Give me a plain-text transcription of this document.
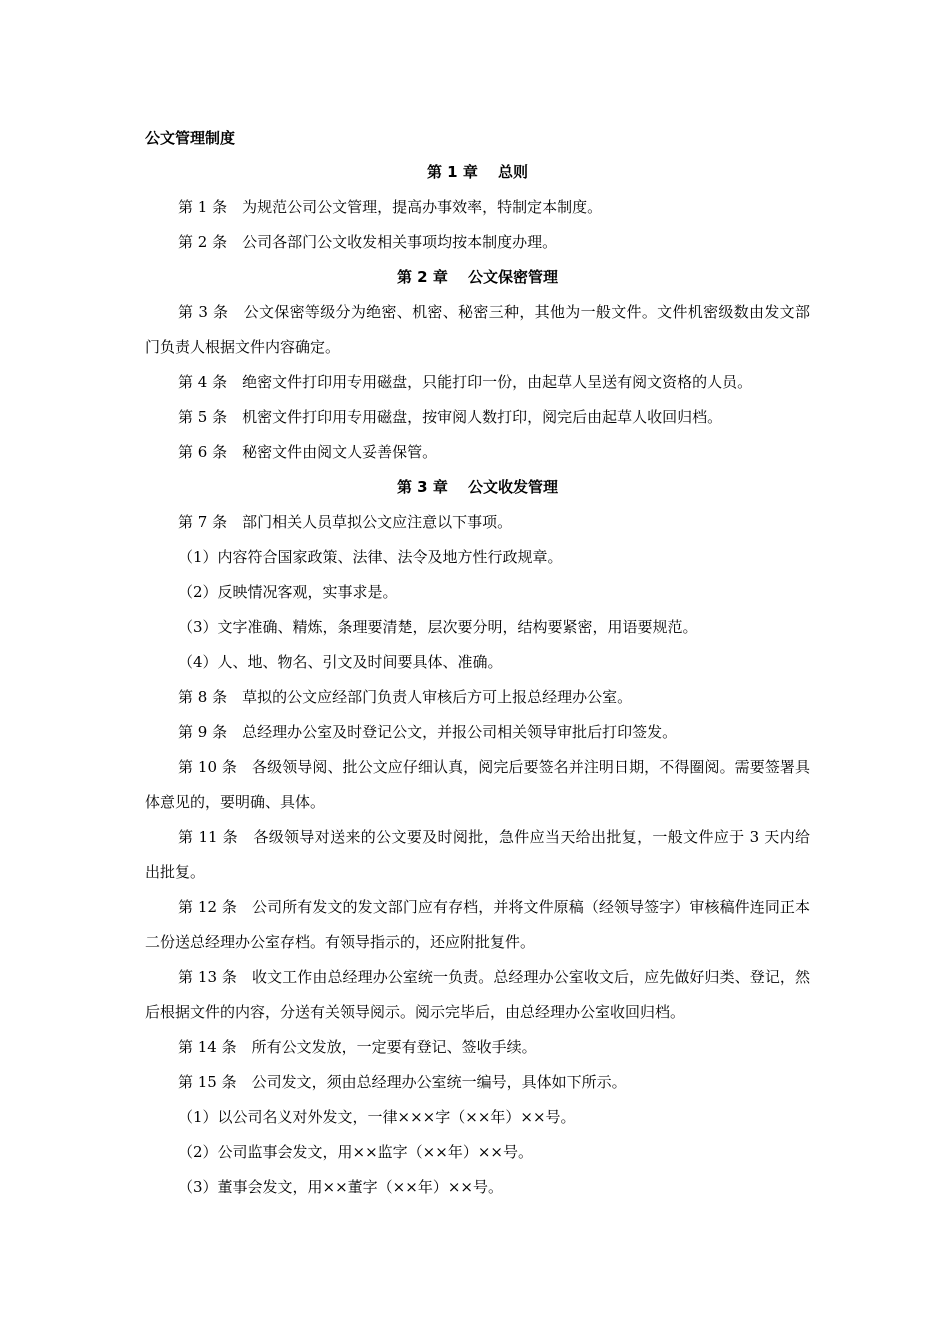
公文管理制度

第 1 章　 总则

第 1 条　为规范公司公文管理，提高办事效率，特制定本制度。

第 2 条　公司各部门公文收发相关事项均按本制度办理。

第 2 章　 公文保密管理

第 3 条　公文保密等级分为绝密、机密、秘密三种，其他为一般文件。文件机密级数由发文部门负责人根据文件内容确定。

第 4 条　绝密文件打印用专用磁盘，只能打印一份，由起草人呈送有阅文资格的人员。

第 5 条　机密文件打印用专用磁盘，按审阅人数打印，阅完后由起草人收回归档。

第 6 条　秘密文件由阅文人妥善保管。

第 3 章　 公文收发管理

第 7 条　部门相关人员草拟公文应注意以下事项。

（1）内容符合国家政策、法律、法令及地方性行政规章。

（2）反映情况客观，实事求是。

（3）文字准确、精炼，条理要清楚，层次要分明，结构要紧密，用语要规范。

（4）人、地、物名、引文及时间要具体、准确。

第 8 条　草拟的公文应经部门负责人审核后方可上报总经理办公室。

第 9 条　总经理办公室及时登记公文，并报公司相关领导审批后打印签发。

第 10 条　各级领导阅、批公文应仔细认真，阅完后要签名并注明日期，不得圈阅。需要签署具体意见的，要明确、具体。

第 11 条　各级领导对送来的公文要及时阅批，急件应当天给出批复，一般文件应于 3 天内给出批复。

第 12 条　公司所有发文的发文部门应有存档，并将文件原稿（经领导签字）审核稿件连同正本二份送总经理办公室存档。有领导指示的，还应附批复件。

第 13 条　收文工作由总经理办公室统一负责。总经理办公室收文后，应先做好归类、登记，然后根据文件的内容，分送有关领导阅示。阅示完毕后，由总经理办公室收回归档。

第 14 条　所有公文发放，一定要有登记、签收手续。

第 15 条　公司发文，须由总经理办公室统一编号，具体如下所示。

（1）以公司名义对外发文，一律×××字（××年）××号。

（2）公司监事会发文，用××监字（××年）××号。

（3）董事会发文，用××董字（××年）××号。
